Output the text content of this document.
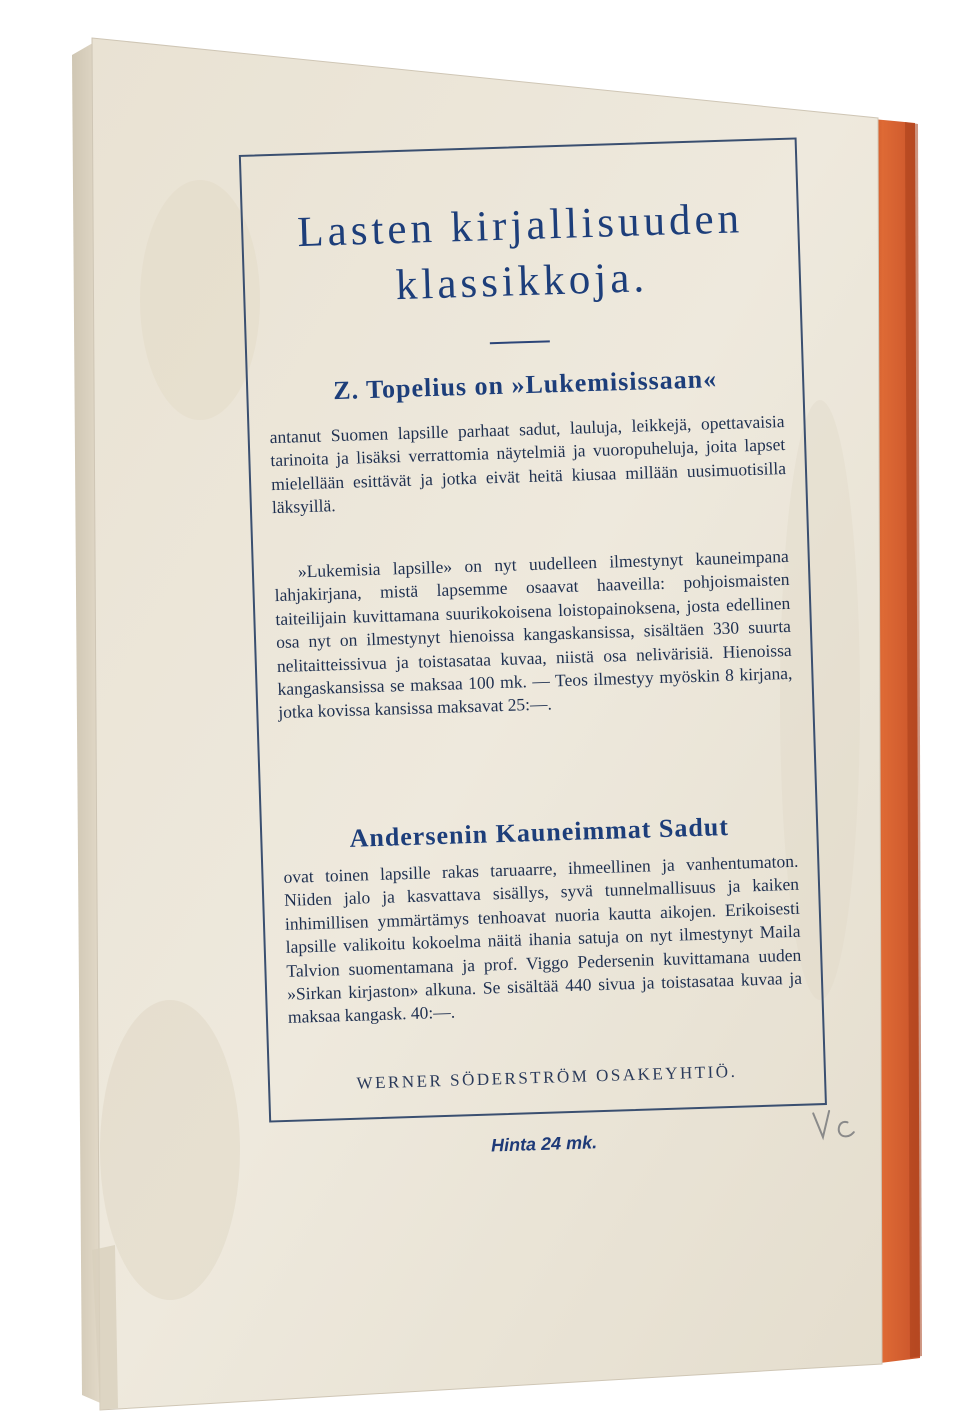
Lasten kirjallisuuden
klassikkoja.
Z. Topelius on »Lukemisissaan«

antanut Suomen lapsille parhaat sadut, lauluja, leikkejä, opettavaisia tarinoita ja lisäksi verrattomia näytelmiä ja vuoropuheluja, joita lapset mielellään esittävät ja jotka eivät heitä kiusaa millään uusimuotisilla läksyillä.

»Lukemisia lapsille» on nyt uudelleen ilmestynyt kauneimpana lahjakirjana, mistä lapsemme osaavat haaveilla: pohjoismaisten taiteilijain kuvittamana suurikokoisena loistopainoksena, josta edellinen osa nyt on ilmestynyt hienoissa kangaskansissa, sisältäen 330 suurta nelitaitteissivua ja toistasataa kuvaa, niistä osa nelivärisiä. Hienoissa kangaskansissa se maksaa 100 mk. — Teos ilmestyy myöskin 8 kirjana, jotka kovissa kansissa maksavat 25:—.

Andersenin Kauneimmat Sadut

ovat toinen lapsille rakas taruaarre, ihmeellinen ja vanhentumaton. Niiden jalo ja kasvattava sisällys, syvä tunnelmallisuus ja kaiken inhimillisen ymmärtämys tenhoavat nuoria kautta aikojen. Erikoisesti lapsille valikoitu kokoelma näitä ihania satuja on nyt ilmestynyt Maila Talvion suomentamana ja prof. Viggo Pedersenin kuvittamana uuden »Sirkan kirjaston» alkuna. Se sisältää 440 sivua ja toistasataa kuvaa ja maksaa kangask. 40:—.

WERNER SÖDERSTRÖM OSAKEYHTIÖ.

Hinta 24 mk.
